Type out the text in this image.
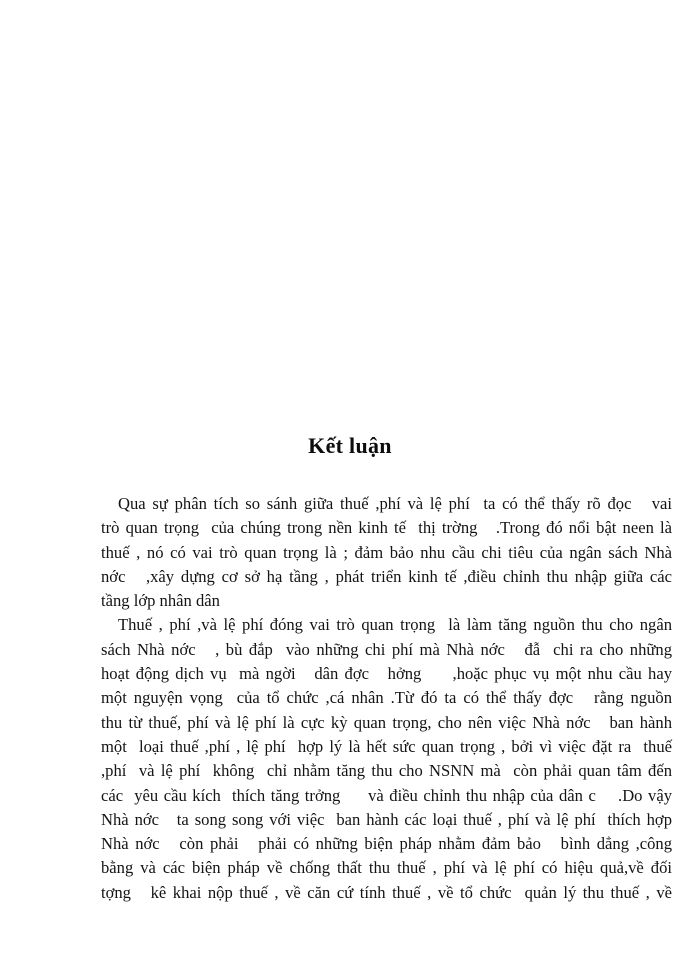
Kết luận
Qua sự phân tích so sánh giữa thuế ,phí và lệ phí  ta có thể thấy rõ đọc   vai
trò quan trọng  của chúng trong nền kinh tế  thị trờng   .Trong đó nổi bật neen là
thuế , nó có vai trò quan trọng là ; đảm bảo nhu cầu chi tiêu của ngân sách Nhà
nớc   ,xây dựng cơ sở hạ tầng , phát triển kinh tế ,điều chỉnh thu nhập giữa các
tầng lớp nhân dân
Thuế , phí ,và lệ phí đóng vai trò quan trọng  là làm tăng nguồn thu cho ngân
sách Nhà nớc   , bù đắp  vào những chi phí mà Nhà nớc   đẫ  chi ra cho những
hoạt động dịch vụ  mà ngời   dân đợc   hởng     ,hoặc phục vụ một nhu cầu hay
một nguyện vọng  của tổ chức ,cá nhân .Từ đó ta có thể thấy đợc   rằng nguồn
thu từ thuế, phí và lệ phí là cực kỳ quan trọng, cho nên việc Nhà nớc   ban hành
một  loại thuế ,phí , lệ phí  hợp lý là hết sức quan trọng , bởi vì việc đặt ra  thuế
,phí  và lệ phí  không  chỉ nhằm tăng thu cho NSNN mà  còn phải quan tâm đến
các  yêu cầu kích  thích tăng trởng     và điều chỉnh thu nhập của dân c    .Do vậy
Nhà nớc   ta song song với việc  ban hành các loại thuế , phí và lệ phí  thích hợp
Nhà nớc   còn phải   phải có những biện pháp nhằm đảm bảo   bình dẳng ,công
bằng và các biện pháp về chống thất thu thuế , phí và lệ phí có hiệu quả,về đối
tợng   kê khai nộp thuế , về căn cứ tính thuế , về tổ chức  quản lý thu thuế , về
